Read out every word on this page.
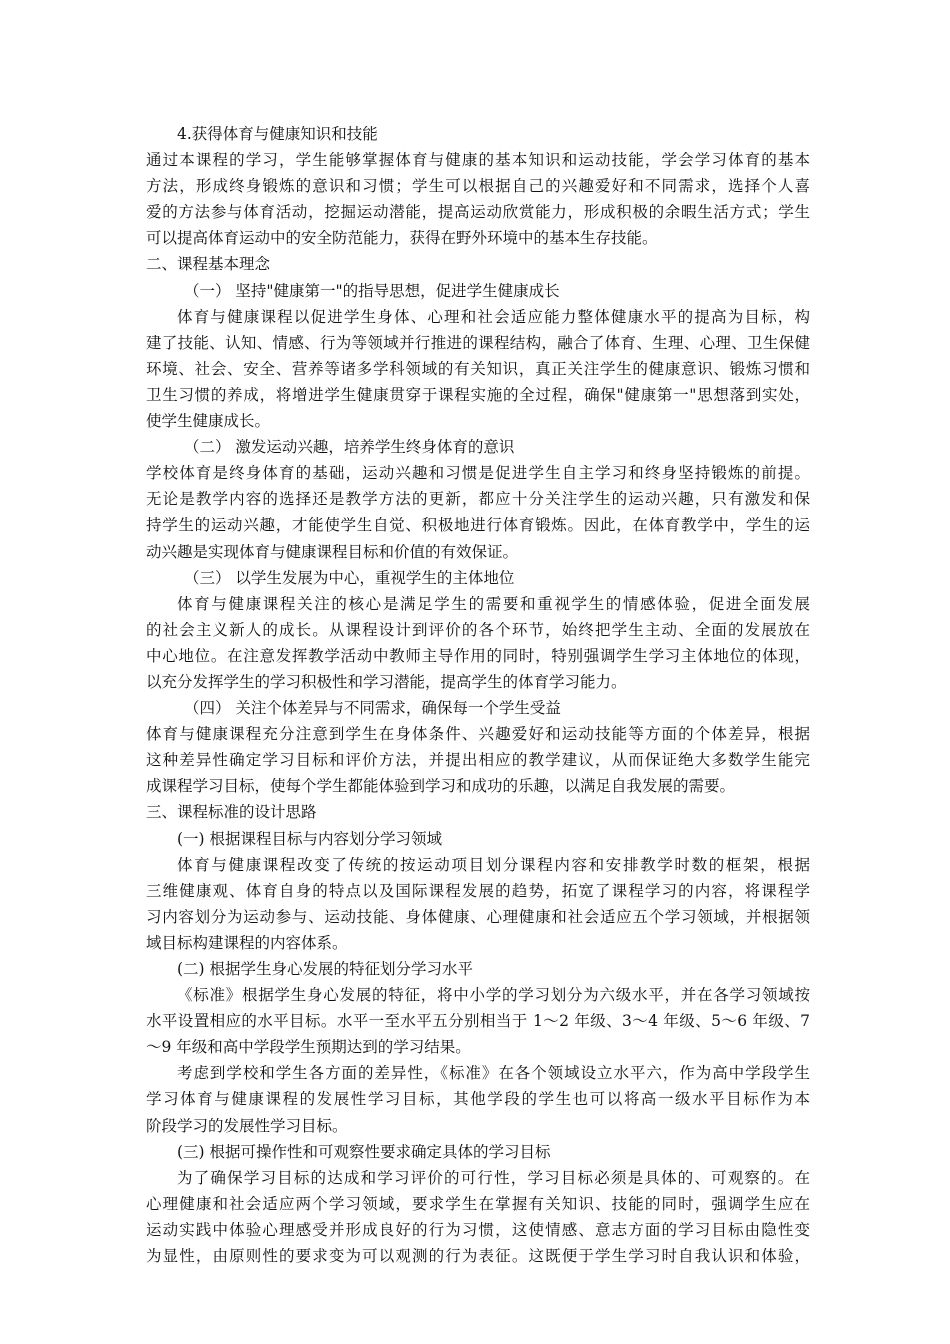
4.获得体育与健康知识和技能
通过本课程的学习，学生能够掌握体育与健康的基本知识和运动技能，学会学习体育的基本
方法，形成终身锻炼的意识和习惯；学生可以根据自己的兴趣爱好和不同需求，选择个人喜
爱的方法参与体育活动，挖掘运动潜能，提高运动欣赏能力，形成积极的余暇生活方式；学生
可以提高体育运动中的安全防范能力，获得在野外环境中的基本生存技能。
二、课程基本理念
（一） 坚持"健康第一"的指导思想，促进学生健康成长
体育与健康课程以促进学生身体、心理和社会适应能力整体健康水平的提高为目标，构
建了技能、认知、情感、行为等领域并行推进的课程结构，融合了体育、生理、心理、卫生保健
环境、社会、安全、营养等诸多学科领域的有关知识，真正关注学生的健康意识、锻炼习惯和
卫生习惯的养成，将增进学生健康贯穿于课程实施的全过程，确保"健康第一"思想落到实处，
使学生健康成长。
（二） 激发运动兴趣，培养学生终身体育的意识
学校体育是终身体育的基础，运动兴趣和习惯是促进学生自主学习和终身坚持锻炼的前提。
无论是教学内容的选择还是教学方法的更新，都应十分关注学生的运动兴趣，只有激发和保
持学生的运动兴趣，才能使学生自觉、积极地进行体育锻炼。因此，在体育教学中，学生的运
动兴趣是实现体育与健康课程目标和价值的有效保证。
（三） 以学生发展为中心，重视学生的主体地位
体育与健康课程关注的核心是满足学生的需要和重视学生的情感体验，促进全面发展
的社会主义新人的成长。从课程设计到评价的各个环节，始终把学生主动、全面的发展放在
中心地位。在注意发挥教学活动中教师主导作用的同时，特别强调学生学习主体地位的体现，
以充分发挥学生的学习积极性和学习潜能，提高学生的体育学习能力。
（四） 关注个体差异与不同需求，确保每一个学生受益
体育与健康课程充分注意到学生在身体条件、兴趣爱好和运动技能等方面的个体差异，根据
这种差异性确定学习目标和评价方法，并提出相应的教学建议，从而保证绝大多数学生能完
成课程学习目标，使每个学生都能体验到学习和成功的乐趣，以满足自我发展的需要。
三、课程标准的设计思路
(一) 根据课程目标与内容划分学习领域
体育与健康课程改变了传统的按运动项目划分课程内容和安排教学时数的框架，根据
三维健康观、体育自身的特点以及国际课程发展的趋势，拓宽了课程学习的内容，将课程学
习内容划分为运动参与、运动技能、身体健康、心理健康和社会适应五个学习领域，并根据领
域目标构建课程的内容体系。
(二) 根据学生身心发展的特征划分学习水平
《标准》根据学生身心发展的特征，将中小学的学习划分为六级水平，并在各学习领域按
水平设置相应的水平目标。水平一至水平五分别相当于 1～2 年级、3～4 年级、5～6 年级、7
～9 年级和高中学段学生预期达到的学习结果。
考虑到学校和学生各方面的差异性，《标准》在各个领域设立水平六，作为高中学段学生
学习体育与健康课程的发展性学习目标，其他学段的学生也可以将高一级水平目标作为本
阶段学习的发展性学习目标。
(三) 根据可操作性和可观察性要求确定具体的学习目标
为了确保学习目标的达成和学习评价的可行性，学习目标必须是具体的、可观察的。在
心理健康和社会适应两个学习领域，要求学生在掌握有关知识、技能的同时，强调学生应在
运动实践中体验心理感受并形成良好的行为习惯，这使情感、意志方面的学习目标由隐性变
为显性，由原则性的要求变为可以观测的行为表征。这既便于学生学习时自我认识和体验，
